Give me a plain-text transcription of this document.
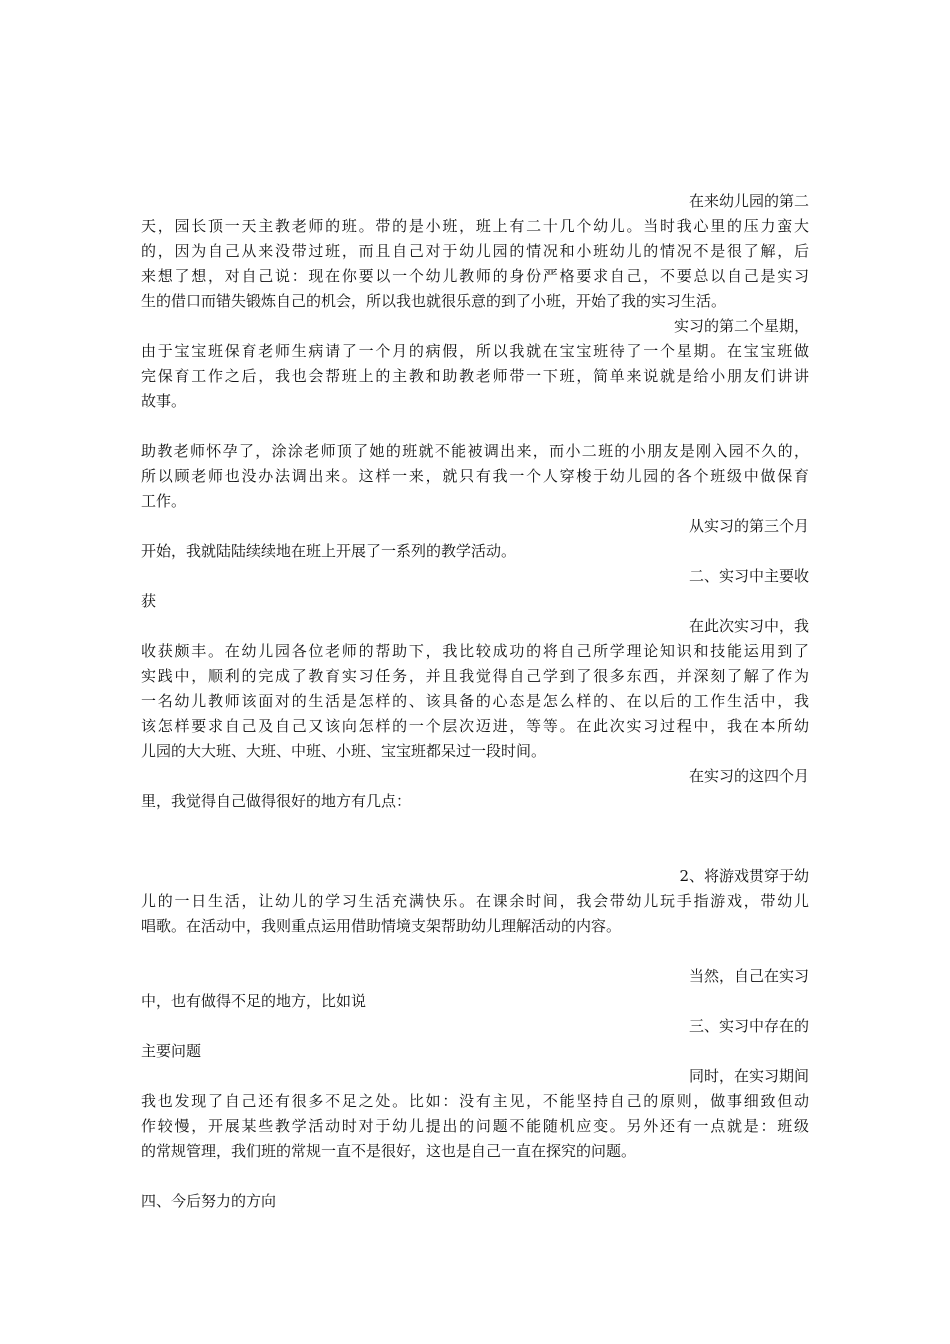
在来幼儿园的第二
天，园长顶一天主教老师的班。带的是小班，班上有二十几个幼儿。当时我心里的压力蛮大
的，因为自己从来没带过班，而且自己对于幼儿园的情况和小班幼儿的情况不是很了解，后
来想了想，对自己说：现在你要以一个幼儿教师的身份严格要求自己，不要总以自己是实习
生的借口而错失锻炼自己的机会，所以我也就很乐意的到了小班，开始了我的实习生活。
实习的第二个星期，
由于宝宝班保育老师生病请了一个月的病假，所以我就在宝宝班待了一个星期。在宝宝班做
完保育工作之后，我也会帮班上的主教和助教老师带一下班，简单来说就是给小朋友们讲讲
故事。
助教老师怀孕了，涂涂老师顶了她的班就不能被调出来，而小二班的小朋友是刚入园不久的，
所以顾老师也没办法调出来。这样一来，就只有我一个人穿梭于幼儿园的各个班级中做保育
工作。
从实习的第三个月
开始，我就陆陆续续地在班上开展了一系列的教学活动。
二、实习中主要收
获
在此次实习中，我
收获颇丰。在幼儿园各位老师的帮助下，我比较成功的将自己所学理论知识和技能运用到了
实践中，顺利的完成了教育实习任务，并且我觉得自己学到了很多东西，并深刻了解了作为
一名幼儿教师该面对的生活是怎样的、该具备的心态是怎么样的、在以后的工作生活中，我
该怎样要求自己及自己又该向怎样的一个层次迈进，等等。在此次实习过程中，我在本所幼
儿园的大大班、大班、中班、小班、宝宝班都呆过一段时间。
在实习的这四个月
里，我觉得自己做得很好的地方有几点：
2、将游戏贯穿于幼
儿的一日生活，让幼儿的学习生活充满快乐。在课余时间，我会带幼儿玩手指游戏，带幼儿
唱歌。在活动中，我则重点运用借助情境支架帮助幼儿理解活动的内容。
当然，自己在实习
中，也有做得不足的地方，比如说
三、实习中存在的
主要问题
同时，在实习期间
我也发现了自己还有很多不足之处。比如：没有主见，不能坚持自己的原则，做事细致但动
作较慢，开展某些教学活动时对于幼儿提出的问题不能随机应变。另外还有一点就是：班级
的常规管理，我们班的常规一直不是很好，这也是自己一直在探究的问题。
四、今后努力的方向
